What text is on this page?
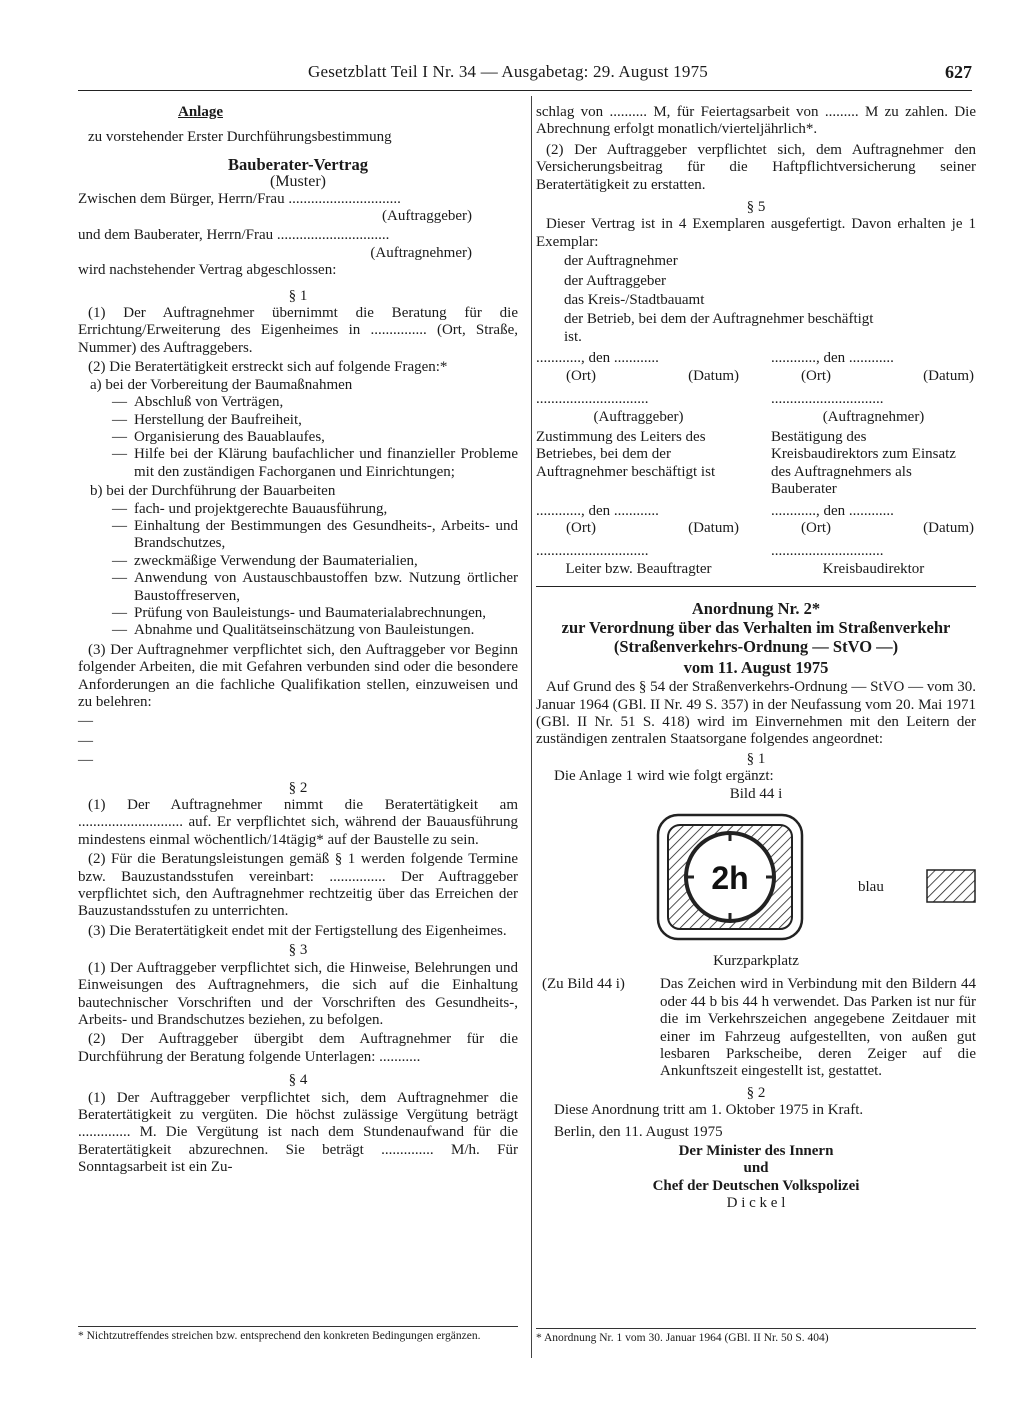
Gesetzblatt Teil I Nr. 34 — Ausgabetag: 29. August 1975	627

Anlage

zu vorstehender Erster Durchführungsbestimmung

Bauberater-Vertrag

(Muster)

Zwischen dem Bürger, Herrn/Frau ..............................

(Auftraggeber)

und dem Bauberater, Herrn/Frau ..............................

(Auftragnehmer)

wird nachstehender Vertrag abgeschlossen:

§ 1

(1) Der Auftragnehmer übernimmt die Beratung für die Errichtung/Erweiterung des Eigenheimes in ............... (Ort, Straße, Nummer) des Auftraggebers.

(2) Die Beratertätigkeit erstreckt sich auf folgende Fragen:*

a) bei der Vorbereitung der Baumaßnahmen

— Abschluß von Verträgen,
— Herstellung der Baufreiheit,
— Organisierung des Bauablaufes,
— Hilfe bei der Klärung baufachlicher und finanzieller Probleme mit den zuständigen Fachorganen und Einrichtungen;

b) bei der Durchführung der Bauarbeiten

— fach- und projektgerechte Bauausführung,
— Einhaltung der Bestimmungen des Gesundheits-, Arbeits- und Brandschutzes,
— zweckmäßige Verwendung der Baumaterialien,
— Anwendung von Austauschbaustoffen bzw. Nutzung örtlicher Baustoffreserven,
— Prüfung von Bauleistungs- und Baumaterialabrechnungen,
— Abnahme und Qualitätseinschätzung von Bauleistungen.

(3) Der Auftragnehmer verpflichtet sich, den Auftraggeber vor Beginn folgender Arbeiten, die mit Gefahren verbunden sind oder die besondere Anforderungen an die fachliche Qualifikation stellen, einzuweisen und zu belehren:

—

—

—

§ 2

(1) Der Auftragnehmer nimmt die Beratertätigkeit am ............................ auf. Er verpflichtet sich, während der Bauausführung mindestens einmal wöchentlich/14tägig* auf der Baustelle zu sein.

(2) Für die Beratungsleistungen gemäß § 1 werden folgende Termine bzw. Bauzustandsstufen vereinbart: ............... Der Auftraggeber verpflichtet sich, den Auftragnehmer rechtzeitig über das Erreichen der Bauzustandsstufen zu unterrichten.

(3) Die Beratertätigkeit endet mit der Fertigstellung des Eigenheimes.

§ 3

(1) Der Auftraggeber verpflichtet sich, die Hinweise, Belehrungen und Einweisungen des Auftragnehmers, die sich auf die Einhaltung bautechnischer Vorschriften und der Vorschriften des Gesundheits-, Arbeits- und Brandschutzes beziehen, zu befolgen.

(2) Der Auftraggeber übergibt dem Auftragnehmer für die Durchführung der Beratung folgende Unterlagen: ...........

§ 4

(1) Der Auftraggeber verpflichtet sich, dem Auftragnehmer die Beratertätigkeit zu vergüten. Die höchst zulässige Vergütung beträgt .............. M. Die Vergütung ist nach dem Stundenaufwand für die Beratertätigkeit abzurechnen. Sie beträgt .............. M/h. Für Sonntagsarbeit ist ein Zu-

* Nichtzutreffendes streichen bzw. entsprechend den konkreten Bedingungen ergänzen.

schlag von .......... M, für Feiertagsarbeit von ......... M zu zahlen. Die Abrechnung erfolgt monatlich/vierteljährlich*.

(2) Der Auftraggeber verpflichtet sich, dem Auftragnehmer den Versicherungsbeitrag für die Haftpflichtversicherung seiner Beratertätigkeit zu erstatten.

§ 5

Dieser Vertrag ist in 4 Exemplaren ausgefertigt. Davon erhalten je 1 Exemplar:

der Auftragnehmer

der Auftraggeber

das Kreis-/Stadtbauamt

der Betrieb, bei dem der Auftragnehmer beschäftigt ist.

............, den ............

(Ort)	(Datum)

..............................

(Auftraggeber)

Zustimmung des Leiters des Betriebes, bei dem der Auftragnehmer beschäftigt ist

............, den ............

(Ort)	(Datum)

..............................

(Auftragnehmer)

Bestätigung des Kreisbaudirektors zum Einsatz des Auftragnehmers als Bauberater

............, den ............

(Ort)	(Datum)

..............................

Leiter bzw. Beauftragter

............, den ............

(Ort)	(Datum)

..............................

Kreisbaudirektor

Anordnung Nr. 2*

zur Verordnung über das Verhalten im Straßenverkehr

(Straßenverkehrs-Ordnung — StVO —)

vom 11. August 1975

Auf Grund des § 54 der Straßenverkehrs-Ordnung — StVO — vom 30. Januar 1964 (GBl. II Nr. 49 S. 357) in der Neufassung vom 20. Mai 1971 (GBl. II Nr. 51 S. 418) wird im Einvernehmen mit den Leitern der zuständigen zentralen Staatsorgane folgendes angeordnet:

§ 1

Die Anlage 1 wird wie folgt ergänzt:

Bild 44 i

2h	blau

Kurzparkplatz

(Zu Bild 44 i)	Das Zeichen wird in Verbindung mit den Bildern 44 oder 44 b bis 44 h verwendet. Das Parken ist nur für die im Verkehrszeichen angegebene Zeitdauer mit einer im Fahrzeug aufgestellten, von außen gut lesbaren Parkscheibe, deren Zeiger auf die Ankunftszeit eingestellt ist, gestattet.

§ 2

Diese Anordnung tritt am 1. Oktober 1975 in Kraft.

Berlin, den 11. August 1975

Der Minister des Innern

und

Chef der Deutschen Volkspolizei

D i c k e l

* Anordnung Nr. 1 vom 30. Januar 1964 (GBl. II Nr. 50 S. 404)
